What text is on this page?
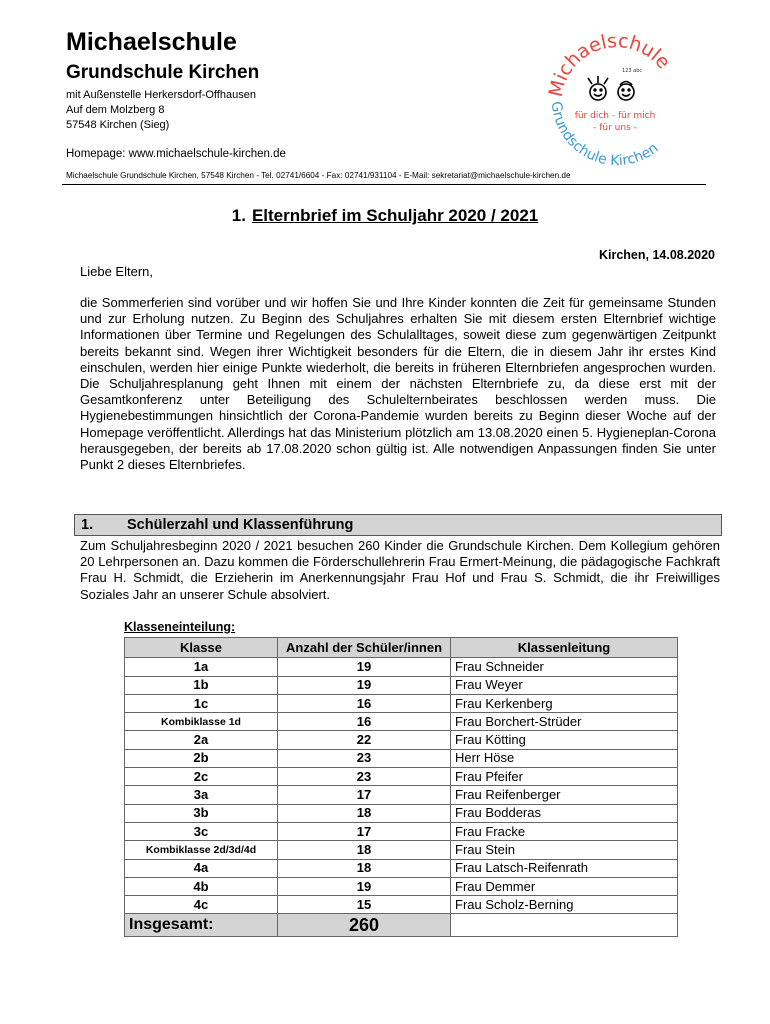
Michaelschule
Grundschule Kirchen
mit Außenstelle Herkersdorf-Offhausen
Auf dem Molzberg 8
57548 Kirchen (Sieg)
Homepage: www.michaelschule-kirchen.de
Michaelschule Grundschule Kirchen, 57548 Kirchen - Tel. 02741/6604 - Fax: 02741/931104 - E-Mail: sekretariat@michaelschule-kirchen.de
Michaelschule
Grundschule Kirchen
123 abc
für dich - für mich
- für uns -
1. Elternbrief im Schuljahr 2020 / 2021
Kirchen, 14.08.2020
Liebe Eltern,
die Sommerferien sind vorüber und wir hoffen Sie und Ihre Kinder konnten die Zeit für gemeinsame Stunden und zur Erholung nutzen. Zu Beginn des Schuljahres erhalten Sie mit diesem ersten Elternbrief wichtige Informationen über Termine und Regelungen des Schulalltages, soweit diese zum gegenwärtigen Zeitpunkt bereits bekannt sind. Wegen ihrer Wichtigkeit besonders für die Eltern, die in diesem Jahr ihr erstes Kind einschulen, werden hier einige Punkte wiederholt, die bereits in früheren Elternbriefen angesprochen wurden. Die Schuljahresplanung geht Ihnen mit einem der nächsten Elternbriefe zu, da diese erst mit der Gesamtkonferenz unter Beteiligung des Schulelternbeirates beschlossen werden muss. Die Hygienebestimmungen hinsichtlich der Corona-Pandemie wurden bereits zu Beginn dieser Woche auf der Homepage veröffentlicht. Allerdings hat das Ministerium plötzlich am 13.08.2020 einen 5. Hygieneplan-Corona herausgegeben, der bereits ab 17.08.2020 schon gültig ist. Alle notwendigen Anpassungen finden Sie unter Punkt 2 dieses Elternbriefes.
1. Schülerzahl und Klassenführung
Zum Schuljahresbeginn 2020 / 2021 besuchen 260 Kinder die Grundschule Kirchen. Dem Kollegium gehören 20 Lehrpersonen an. Dazu kommen die Förderschullehrerin Frau Ermert-Meinung, die pädagogische Fachkraft Frau H. Schmidt, die Erzieherin im Anerkennungsjahr Frau Hof und Frau S. Schmidt, die ihr Freiwilliges Soziales Jahr an unserer Schule absolviert.
Klasseneinteilung:
Klasse	Anzahl der Schüler/innen	Klassenleitung
1a	19	Frau Schneider
1b	19	Frau Weyer
1c	16	Frau Kerkenberg
Kombiklasse 1d	16	Frau Borchert-Strüder
2a	22	Frau Kötting
2b	23	Herr Höse
2c	23	Frau Pfeifer
3a	17	Frau Reifenberger
3b	18	Frau Bodderas
3c	17	Frau Fracke
Kombiklasse 2d/3d/4d	18	Frau Stein
4a	18	Frau Latsch-Reifenrath
4b	19	Frau Demmer
4c	15	Frau Scholz-Berning
Insgesamt:	260	
